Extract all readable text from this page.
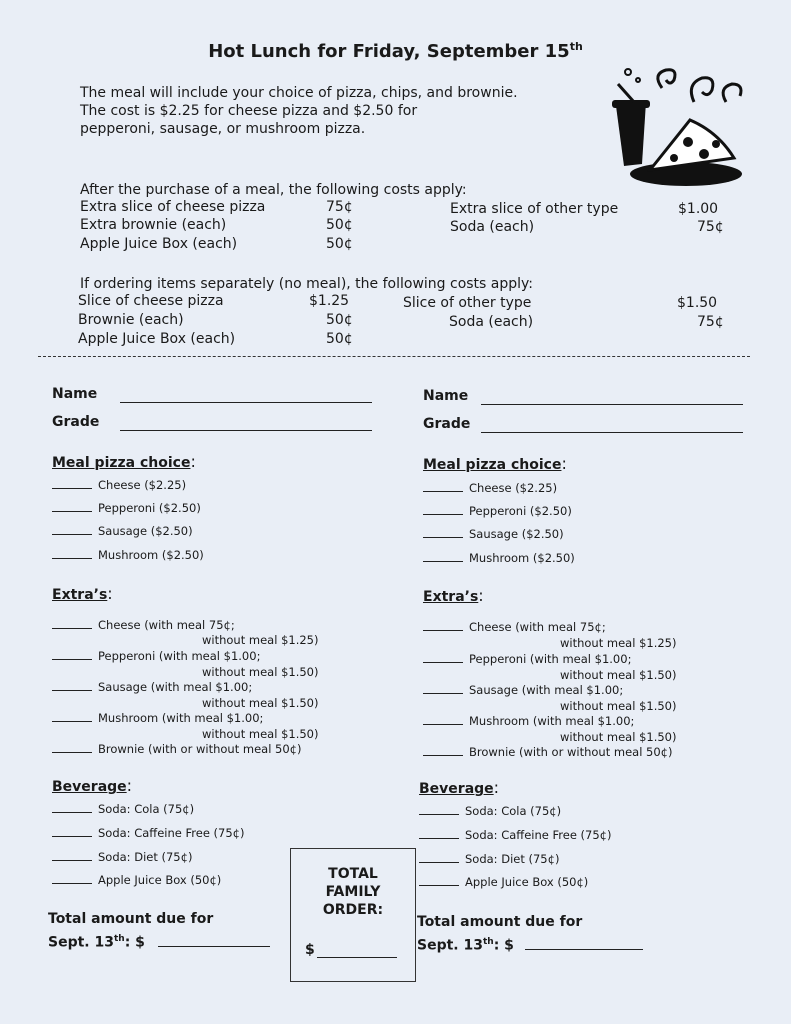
Hot Lunch for Friday, September 15th
The meal will include your choice of pizza, chips, and brownie.
The cost is $2.25 for cheese pizza and $2.50 for
pepperoni, sausage, or mushroom pizza.
After the purchase of a meal, the following costs apply:
Extra slice of cheese pizza	75¢
Extra brownie (each)	50¢
Apple Juice Box (each)	50¢
Extra slice of other type	$1.00
Soda (each)	75¢
If ordering items separately (no meal), the following costs apply:
Slice of cheese pizza	$1.25
Brownie (each)	50¢
Apple Juice Box (each)	50¢
Slice of other type	$1.50
Soda (each)	75¢
Name
Grade
Meal pizza choice:
Cheese ($2.25)
Pepperoni ($2.50)
Sausage ($2.50)
Mushroom ($2.50)
Extra’s:
Cheese (with meal 75¢;
without meal $1.25)
Pepperoni (with meal $1.00;
without meal $1.50)
Sausage (with meal $1.00;
without meal $1.50)
Mushroom (with meal $1.00;
without meal $1.50)
Brownie (with or without meal 50¢)
Beverage:
Soda: Cola (75¢)
Soda: Caffeine Free (75¢)
Soda: Diet (75¢)
Apple Juice Box (50¢)
Total amount due for
Sept. 13th: $
Name
Grade
Meal pizza choice:
Cheese ($2.25)
Pepperoni ($2.50)
Sausage ($2.50)
Mushroom ($2.50)
Extra’s:
Cheese (with meal 75¢;
without meal $1.25)
Pepperoni (with meal $1.00;
without meal $1.50)
Sausage (with meal $1.00;
without meal $1.50)
Mushroom (with meal $1.00;
without meal $1.50)
Brownie (with or without meal 50¢)
Beverage:
Soda: Cola (75¢)
Soda: Caffeine Free (75¢)
Soda: Diet (75¢)
Apple Juice Box (50¢)
Total amount due for
Sept. 13th: $
TOTAL
FAMILY
ORDER:
$
